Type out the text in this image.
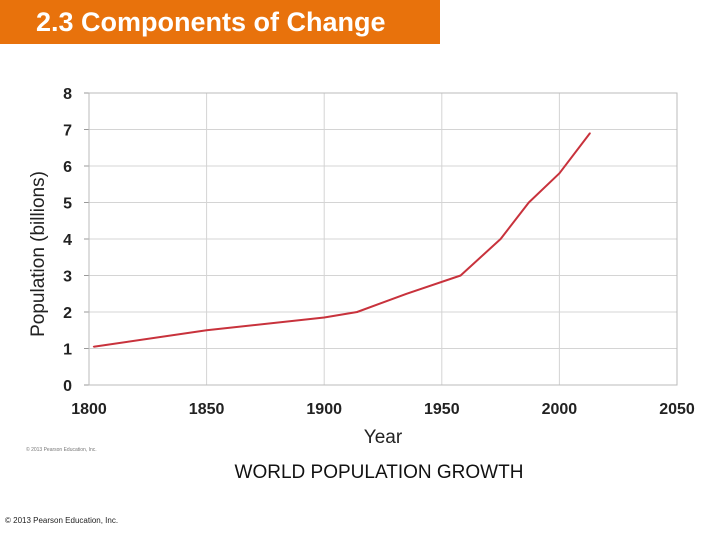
2.3 Components of Change
0
1
2
3
4
5
6
7
8
1800	1850	1900	1950	2000	2050
Year
Population (billions)
© 2013 Pearson Education, Inc.
WORLD POPULATION GROWTH
© 2013 Pearson Education, Inc.
